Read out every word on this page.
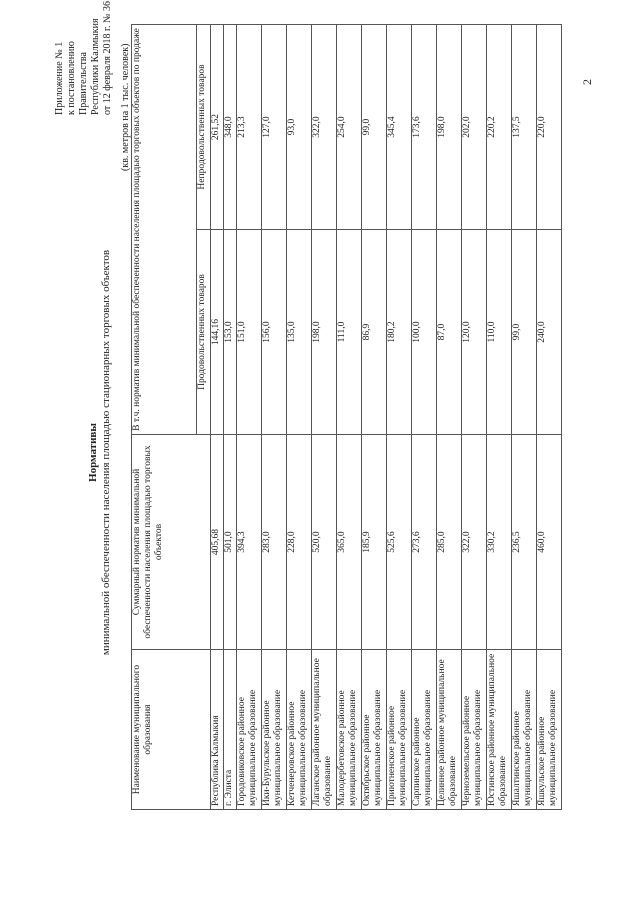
Приложение № 1 к постановлению Правительства Республики Калмыкия от 12 февраля 2018 г. № 36
Нормативы минимальной обеспеченности населения площадью стационарных торговых объектов
(кв. метров на 1 тыс. человек)
Наименование муниципального образования	Суммарный норматив минимальной обеспеченности населения площадью торговых объектов	В т.ч. норматив минимальной обеспеченности населения площадью торговых объектов по продаже	
		Продовольственных товаров	Непродовольственных товаров
Республика Калмыкия	405,68	144,16	261,52
г. Элиста	501,0	153,0	348,0
Городовиковское районное муниципальное образование	394,3	151,0	213,3
Ики-Бурульское районное муниципальное образование	283,0	156,0	127,0
Кетченеровское районное муниципальное образование	228,0	135,0	93,0
Лаганское районное муниципальное образование	520,0	198,0	322,0
Малодербетовское районное муниципальное образование	365,0	111,0	254,0
Октябрьское районное муниципальное образование	185,9	86,9	99,0
Приютненское районное муниципальное образование	525,6	180,2	345,4
Сарпинское районное муниципальное образование	273,6	100,0	173,6
Целинное районное муниципальное образование	285,0	87,0	198,0
Черноземельское районное муниципальное образование	322,0	120,0	202,0
Юстинское районное муниципальное образование	330,2	110,0	220,2
Яшалтинское районное муниципальное образование	236,5	99,0	137,5
Яшкульское районное муниципальное образование	460,0	240,0	220,0
2
